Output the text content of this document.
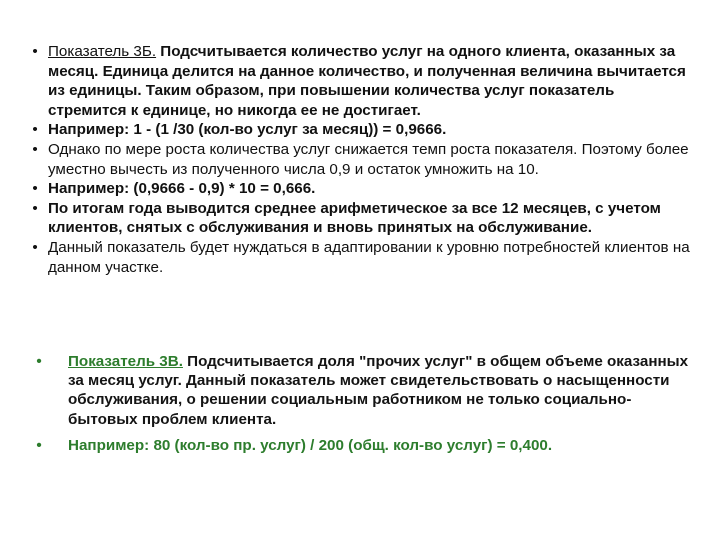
• Показатель 3Б. Подсчитывается количество услуг на одного клиента, оказанных за месяц. Единица делится на данное количество, и полученная величина вычитается из единицы. Таким образом, при повышении количества услуг показатель стремится к единице, но никогда ее не достигает.

• Например: 1 - (1 /30 (кол-во услуг за месяц)) = 0,9666.

• Однако по мере роста количества услуг снижается темп роста показателя. Поэтому более уместно вычесть из полученного числа 0,9 и остаток умножить на 10.

• Например: (0,9666 - 0,9) * 10 = 0,666.

• По итогам года выводится среднее арифметическое за все 12 месяцев, с учетом клиентов, снятых с обслуживания и вновь принятых на обслуживание.

• Данный показатель будет нуждаться в адаптировании к уровню потребностей клиентов на данном участке.

• Показатель 3В. Подсчитывается доля "прочих услуг" в общем объеме оказанных за месяц услуг. Данный показатель может свидетельствовать о насыщенности обслуживания, о решении социальным работником не только социально-бытовых проблем клиента.

• Например: 80 (кол-во пр. услуг) / 200 (общ. кол-во услуг) = 0,400.
